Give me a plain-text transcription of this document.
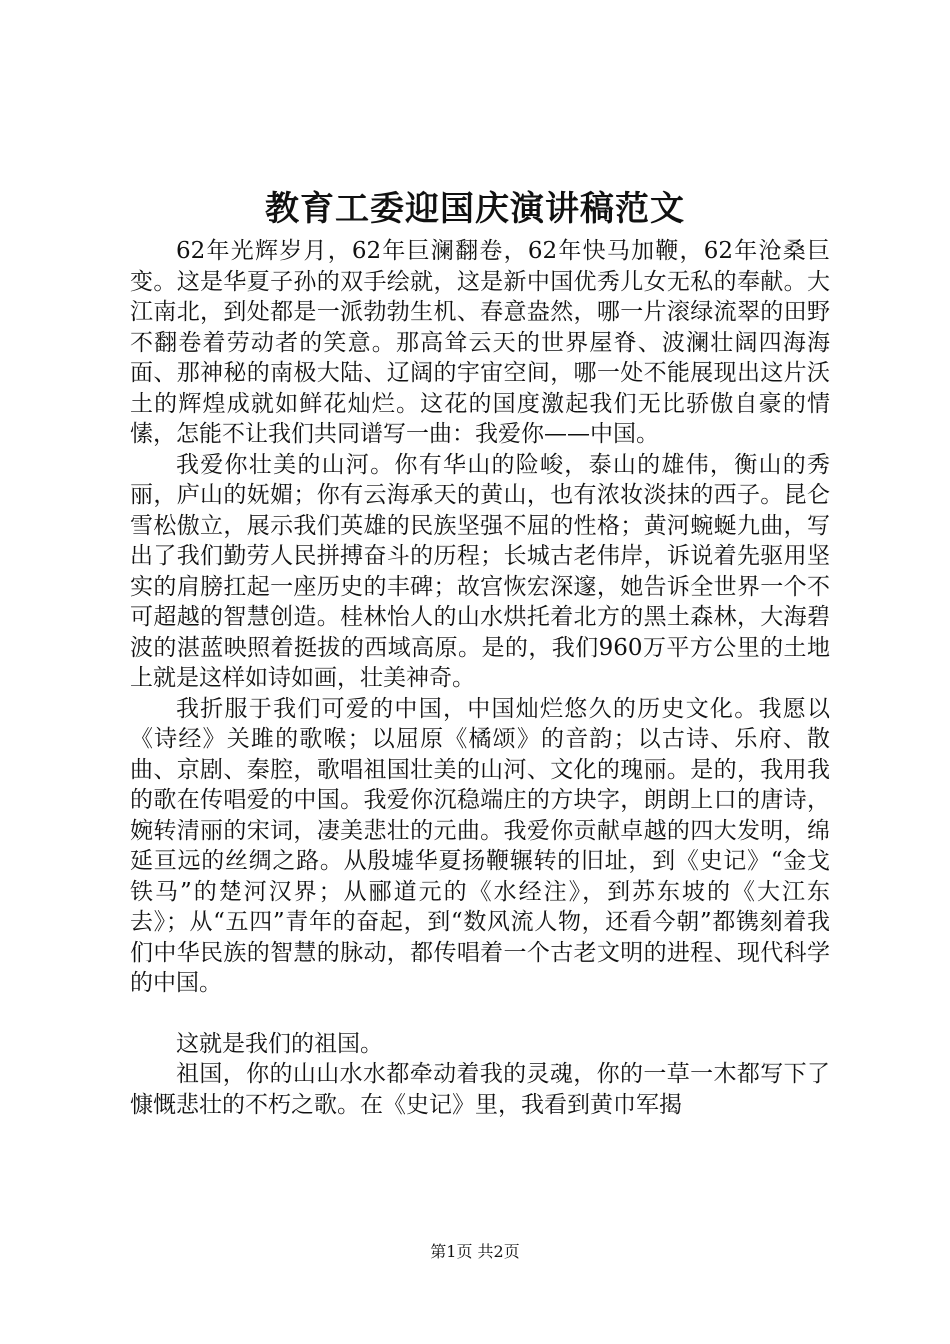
教育工委迎国庆演讲稿范文

62年光辉岁月，62年巨澜翻卷，62年快马加鞭，62年沧桑巨变。这是华夏子孙的双手绘就，这是新中国优秀儿女无私的奉献。大江南北，到处都是一派勃勃生机、春意盎然，哪一片滚绿流翠的田野不翻卷着劳动者的笑意。那高耸云天的世界屋脊、波澜壮阔四海海面、那神秘的南极大陆、辽阔的宇宙空间，哪一处不能展现出这片沃土的辉煌成就如鲜花灿烂。这花的国度激起我们无比骄傲自豪的情愫，怎能不让我们共同谱写一曲：我爱你——中国。

我爱你壮美的山河。你有华山的险峻，泰山的雄伟，衡山的秀丽，庐山的妩媚；你有云海承天的黄山，也有浓妆淡抹的西子。昆仑雪松傲立，展示我们英雄的民族坚强不屈的性格；黄河蜿蜒九曲，写出了我们勤劳人民拼搏奋斗的历程；长城古老伟岸，诉说着先驱用坚实的肩膀扛起一座历史的丰碑；故宫恢宏深邃，她告诉全世界一个不可超越的智慧创造。桂林怡人的山水烘托着北方的黑土森林，大海碧波的湛蓝映照着挺拔的西域高原。是的，我们960万平方公里的土地上就是这样如诗如画，壮美神奇。

我折服于我们可爱的中国，中国灿烂悠久的历史文化。我愿以《诗经》关雎的歌喉；以屈原《橘颂》的音韵；以古诗、乐府、散曲、京剧、秦腔，歌唱祖国壮美的山河、文化的瑰丽。是的，我用我的歌在传唱爱的中国。我爱你沉稳端庄的方块字，朗朗上口的唐诗，婉转清丽的宋词，凄美悲壮的元曲。我爱你贡献卓越的四大发明，绵延亘远的丝绸之路。从殷墟华夏扬鞭辗转的旧址，到《史记》“金戈铁马”的楚河汉界；从郦道元的《水经注》，到苏东坡的《大江东去》；从“五四”青年的奋起，到“数风流人物，还看今朝”都镌刻着我们中华民族的智慧的脉动，都传唱着一个古老文明的进程、现代科学的中国。

这就是我们的祖国。

祖国，你的山山水水都牵动着我的灵魂，你的一草一木都写下了慷慨悲壮的不朽之歌。在《史记》里，我看到黄巾军揭

第1页 共2页
